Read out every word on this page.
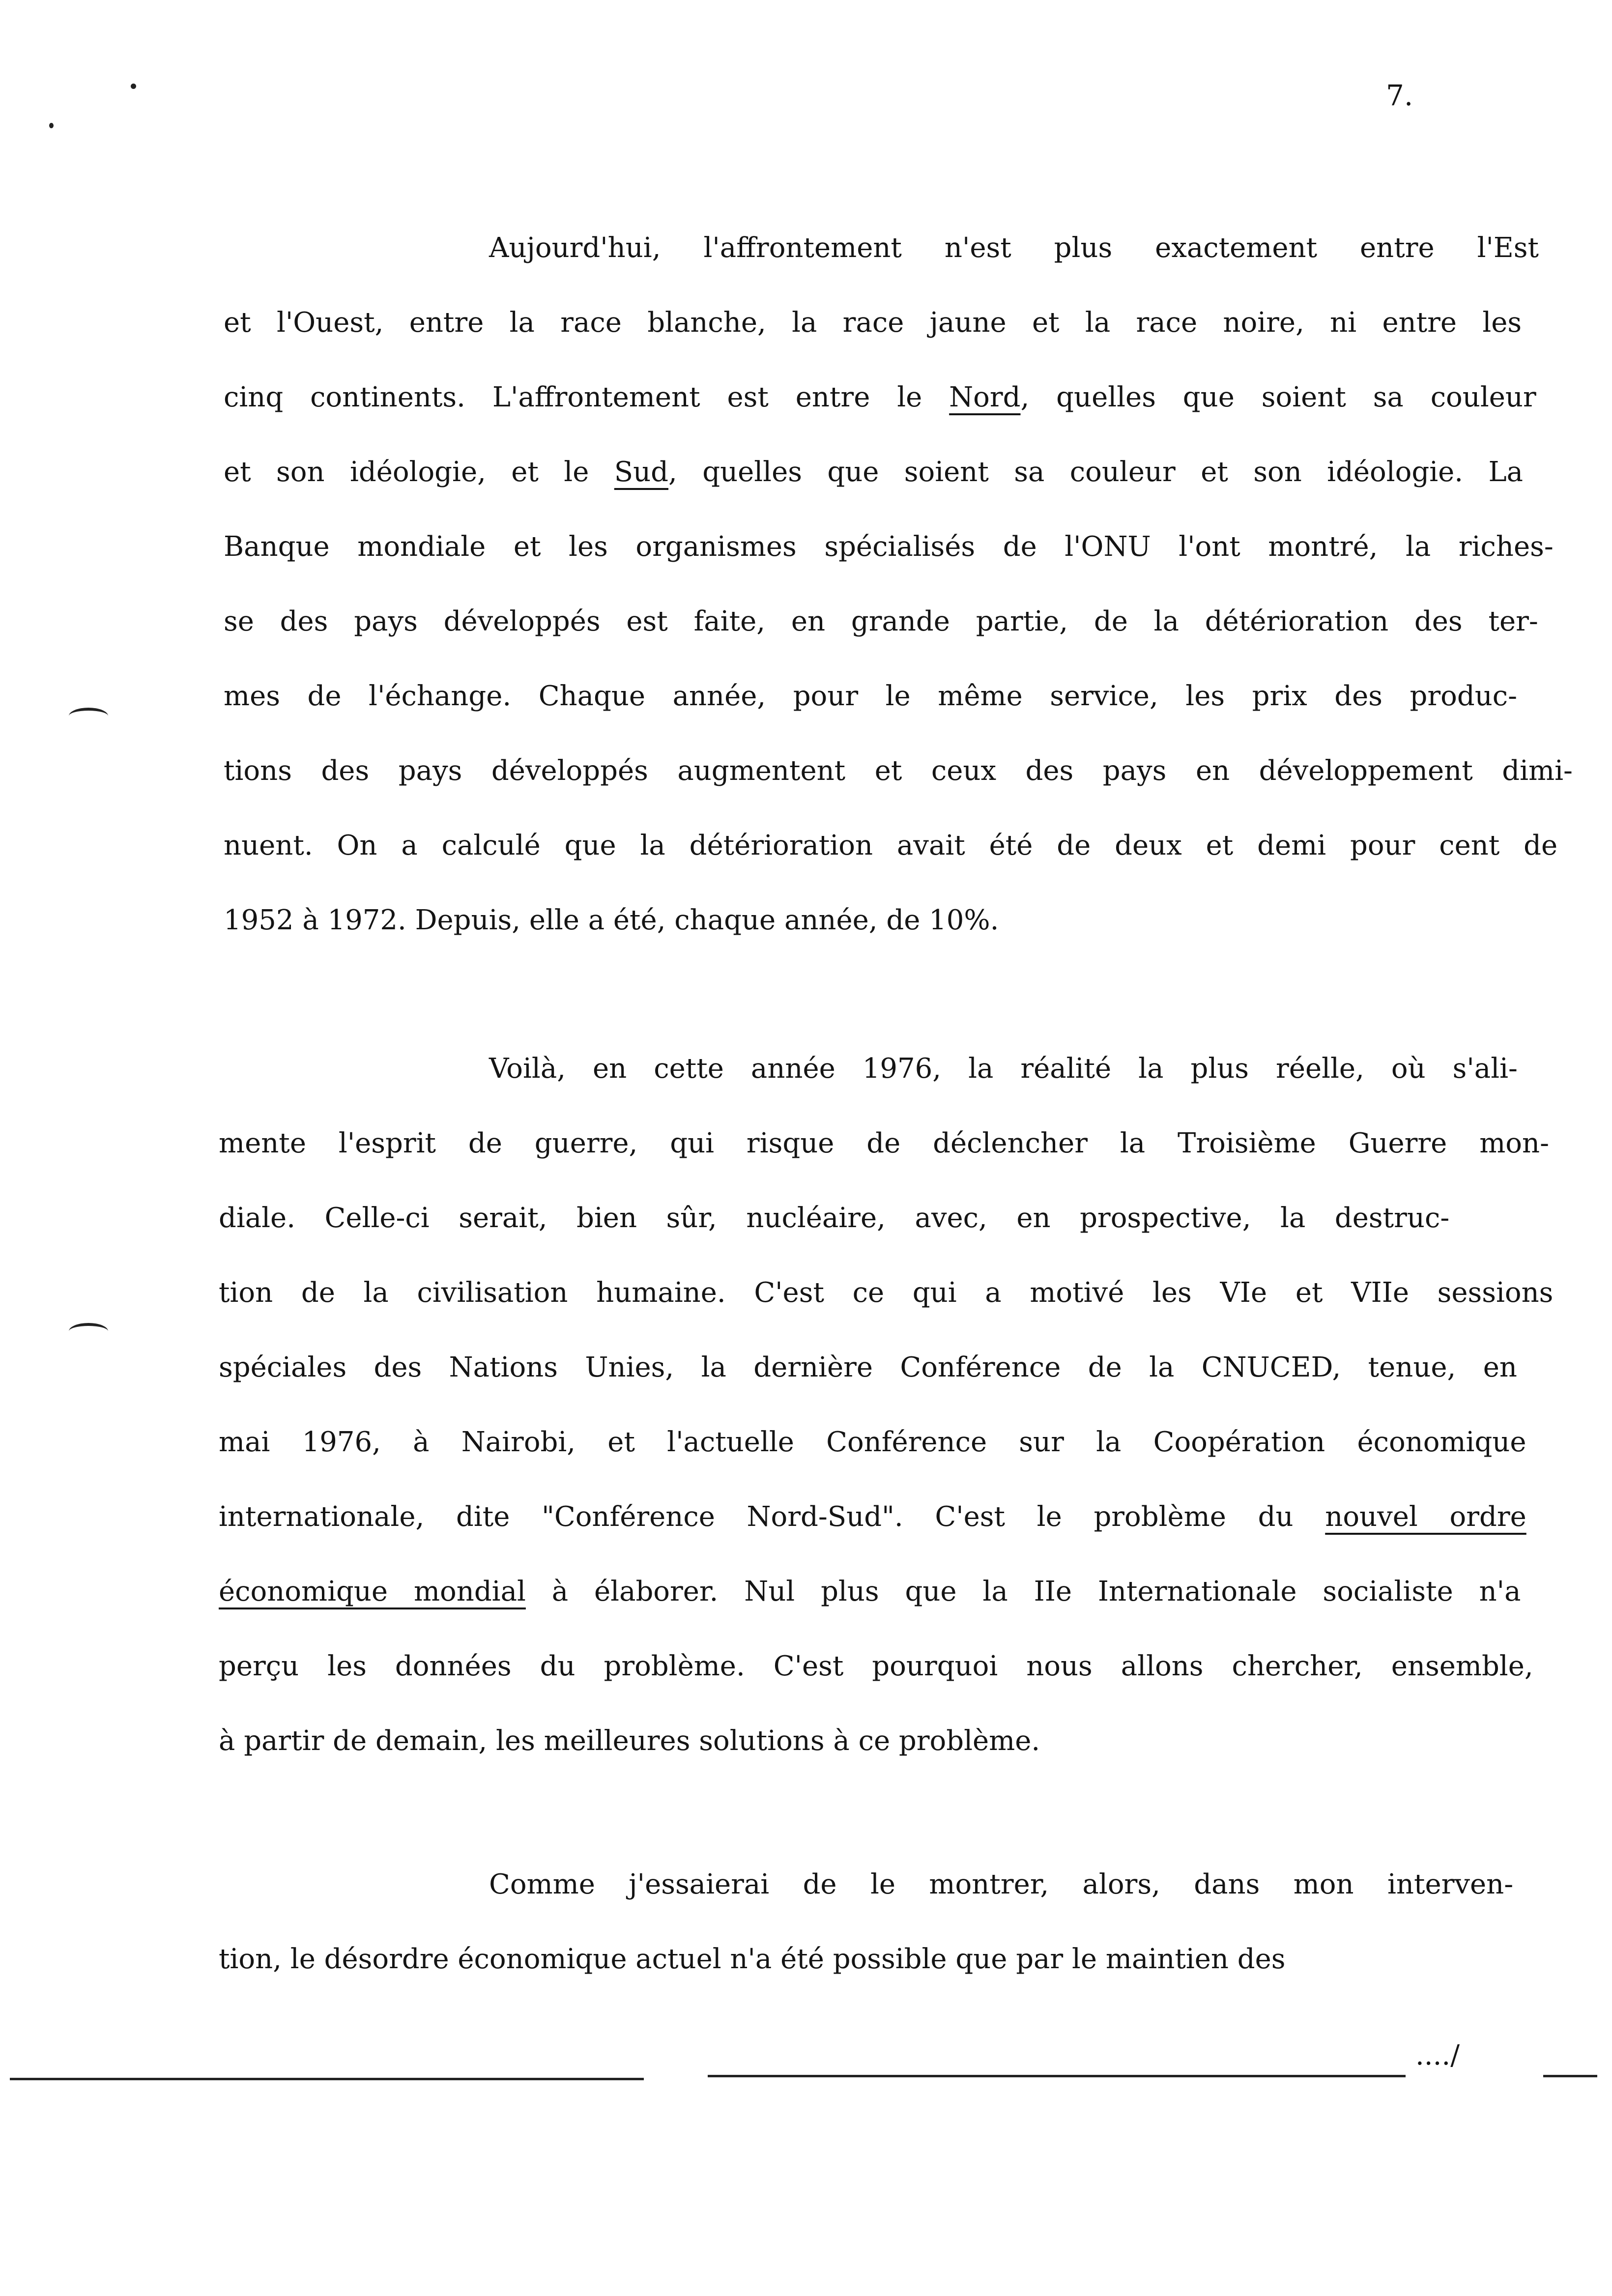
7.

Aujourd'hui, l'affrontement n'est plus exactement entre l'Est
et l'Ouest, entre la race blanche, la race jaune et la race noire, ni entre les
cinq continents. L'affrontement est entre le Nord, quelles que soient sa couleur
et son idéologie, et le Sud, quelles que soient sa couleur et son idéologie. La
Banque mondiale et les organismes spécialisés de l'ONU l'ont montré, la riches-
se des pays développés est faite, en grande partie, de la détérioration des ter-
mes de l'échange. Chaque année, pour le même service, les prix des produc-
tions des pays développés augmentent et ceux des pays en développement dimi-
nuent. On a calculé que la détérioration avait été de deux et demi pour cent de
1952 à 1972. Depuis, elle a été, chaque année, de 10%.
Voilà, en cette année 1976, la réalité la plus réelle, où s'ali-
mente l'esprit de guerre, qui risque de déclencher la Troisième Guerre mon-
diale. Celle-ci serait, bien sûr, nucléaire, avec, en prospective, la destruc-
tion de la civilisation humaine. C'est ce qui a motivé les VIe et VIIe sessions
spéciales des Nations Unies, la dernière Conférence de la CNUCED, tenue, en
mai 1976, à Nairobi, et l'actuelle Conférence sur la Coopération économique
internationale, dite "Conférence Nord-Sud". C'est le problème du nouvel ordre
économique mondial à élaborer. Nul plus que la IIe Internationale socialiste n'a
perçu les données du problème. C'est pourquoi nous allons chercher, ensemble,
à partir de demain, les meilleures solutions à ce problème.
Comme j'essaierai de le montrer, alors, dans mon interven-
tion, le désordre économique actuel n'a été possible que par le maintien des

..../
